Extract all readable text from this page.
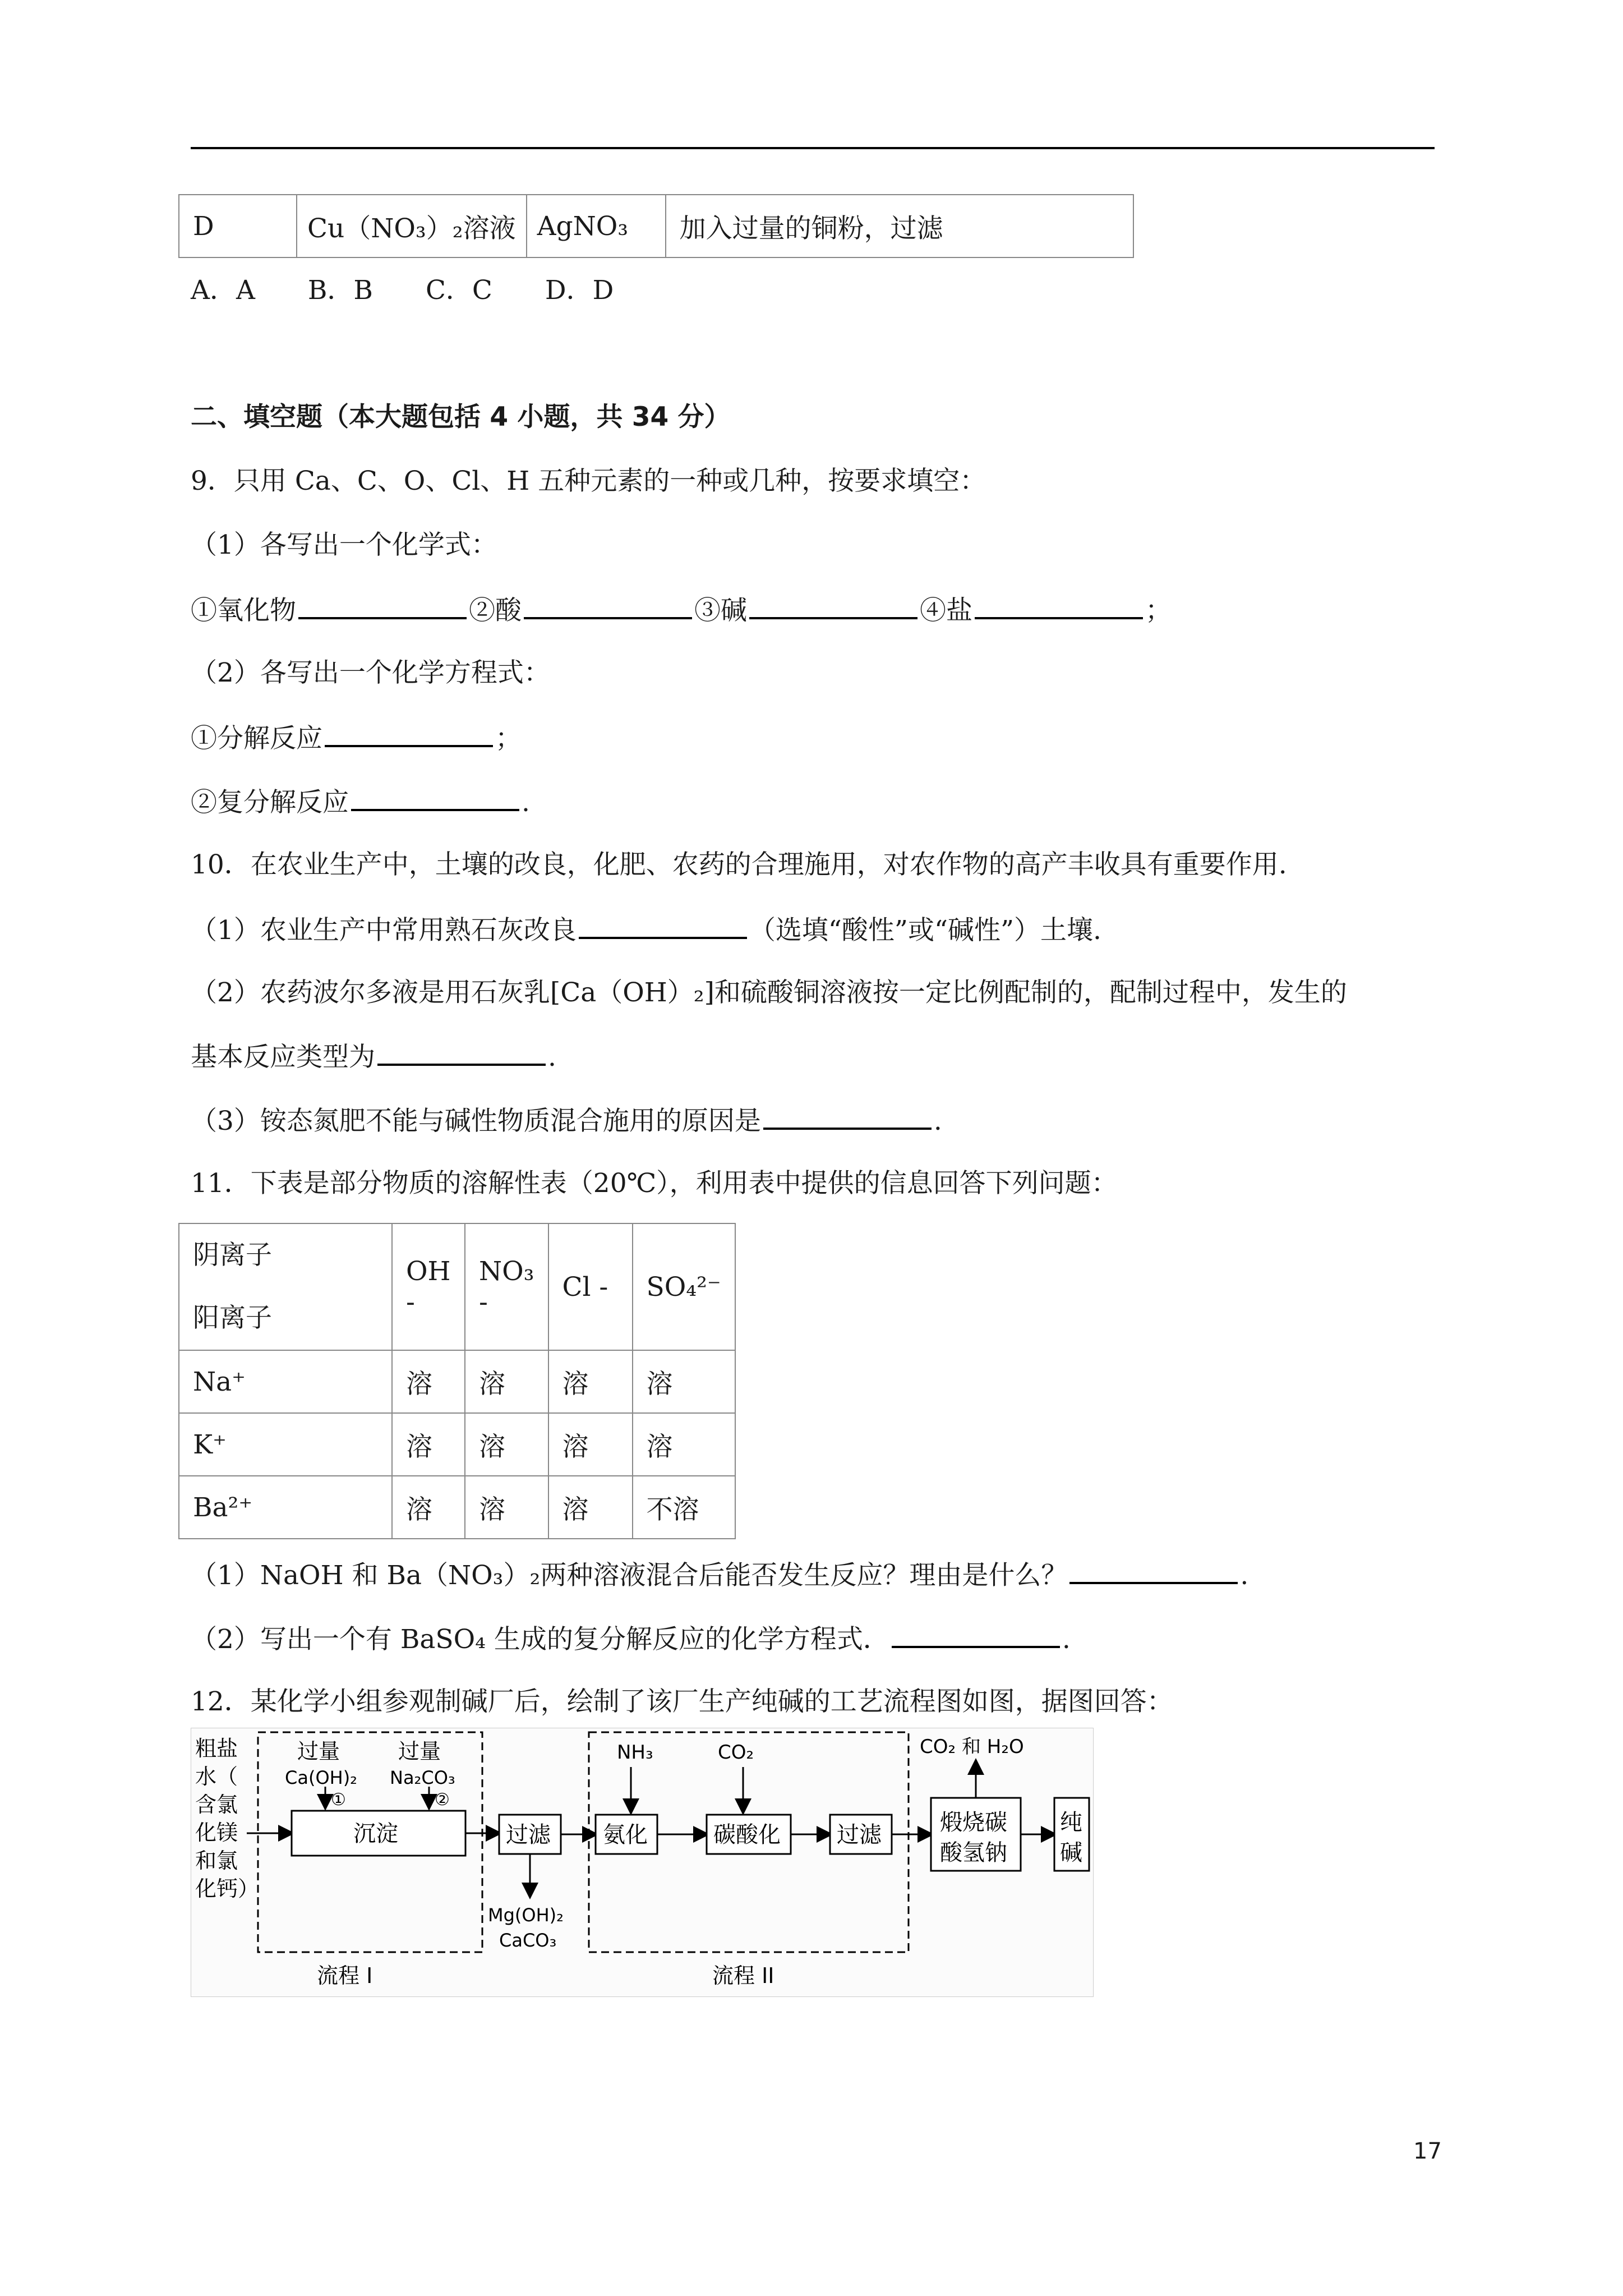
D	Cu（NO₃）₂溶液	AgNO₃	加入过量的铜粉，过滤
A．A　　B．B　　C．C　　D．D
二、填空题（本大题包括 4 小题，共 34 分）
9．只用 Ca、C、O、Cl、H 五种元素的一种或几种，按要求填空：
（1）各写出一个化学式：
①氧化物	②酸	③碱	④盐	；
（2）各写出一个化学方程式：
①分解反应	；
②复分解反应	.
10．在农业生产中，土壤的改良，化肥、农药的合理施用，对农作物的高产丰收具有重要作用.
（1）农业生产中常用熟石灰改良	（选填“酸性”或“碱性”）土壤.
（2）农药波尔多液是用石灰乳[Ca（OH）₂]和硫酸铜溶液按一定比例配制的，配制过程中，发生的
基本反应类型为	.
（3）铵态氮肥不能与碱性物质混合施用的原因是	.
11．下表是部分物质的溶解性表（20℃），利用表中提供的信息回答下列问题：
阴离子
阳离子	OH -	NO₃ -	Cl -	SO₄²⁻
Na⁺	溶	溶	溶	溶
K⁺	溶	溶	溶	溶
Ba²⁺	溶	溶	溶	不溶
（1）NaOH 和 Ba（NO₃）₂两种溶液混合后能否发生反应？理由是什么？	.
（2）写出一个有 BaSO₄ 生成的复分解反应的化学方程式．	.
12．某化学小组参观制碱厂后，绘制了该厂生产纯碱的工艺流程图如图，据图回答：
粗盐
水（
含氯
化镁
和氯
化钙）
过量
Ca(OH)₂
①
过量
Na₂CO₃
②
沉淀	过滤
Mg(OH)₂
CaCO₃
NH₃
氨化
CO₂
碳酸化	过滤	煅烧碳
酸氢钠
CO₂ 和 H₂O
纯
碱
流程 I	流程 II
17
